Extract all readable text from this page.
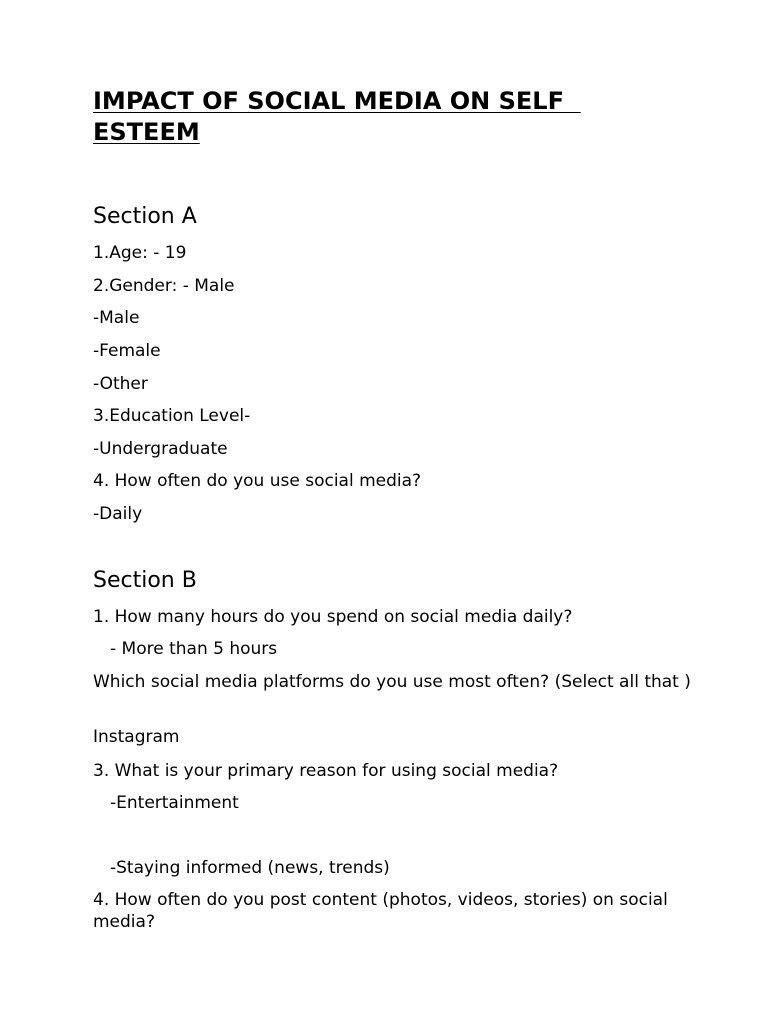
IMPACT OF SOCIAL MEDIA ON SELF  ESTEEM
Section A

1.Age: - 19

2.Gender: - Male

-Male

-Female

-Other

3.Education Level-

-Undergraduate

4. How often do you use social media?

-Daily

Section B

1. How many hours do you spend on social media daily?

- More than 5 hours

Which social media platforms do you use most often? (Select all that )

Instagram

3. What is your primary reason for using social media?

-Entertainment

-Staying informed (news, trends)

4. How often do you post content (photos, videos, stories) on social media?
